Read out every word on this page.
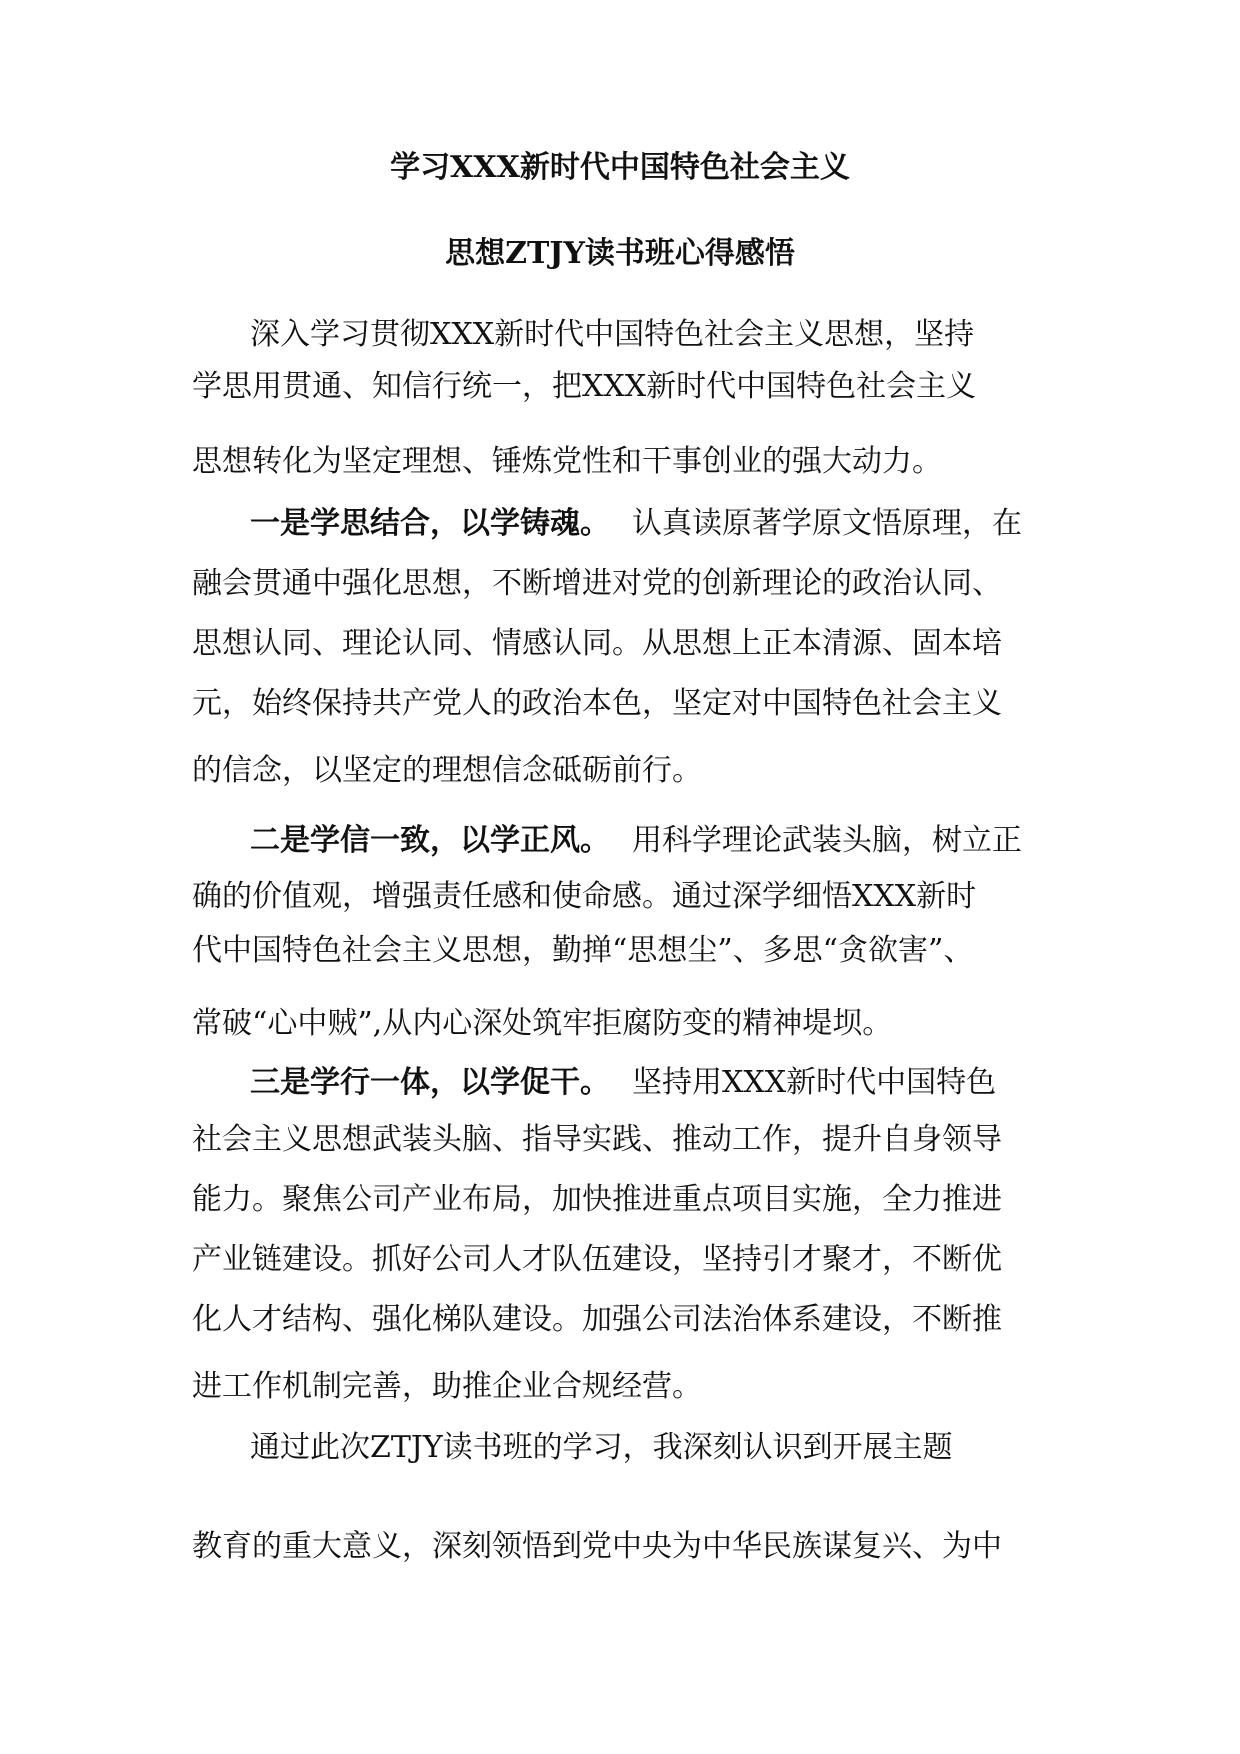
学习XXX新时代中国特色社会主义
思想ZTJY读书班心得感悟
深入学习贯彻XXX新时代中国特色社会主义思想，坚持
学思用贯通、知信行统一，把XXX新时代中国特色社会主义
思想转化为坚定理想、锤炼党性和干事创业的强大动力。
一是学思结合，以学铸魂。 认真读原著学原文悟原理，在
融会贯通中强化思想，不断增进对党的创新理论的政治认同、
思想认同、理论认同、情感认同。从思想上正本清源、固本培
元，始终保持共产党人的政治本色，坚定对中国特色社会主义
的信念，以坚定的理想信念砥砺前行。
二是学信一致，以学正风。 用科学理论武装头脑，树立正
确的价值观，增强责任感和使命感。通过深学细悟XXX新时
代中国特色社会主义思想，勤掸“思想尘”、多思“贪欲害”、
常破“心中贼”,从内心深处筑牢拒腐防变的精神堤坝。
三是学行一体，以学促干。 坚持用XXX新时代中国特色
社会主义思想武装头脑、指导实践、推动工作，提升自身领导
能力。聚焦公司产业布局，加快推进重点项目实施，全力推进
产业链建设。抓好公司人才队伍建设，坚持引才聚才，不断优
化人才结构、强化梯队建设。加强公司法治体系建设，不断推
进工作机制完善，助推企业合规经营。
通过此次ZTJY读书班的学习，我深刻认识到开展主题
教育的重大意义，深刻领悟到党中央为中华民族谋复兴、为中
